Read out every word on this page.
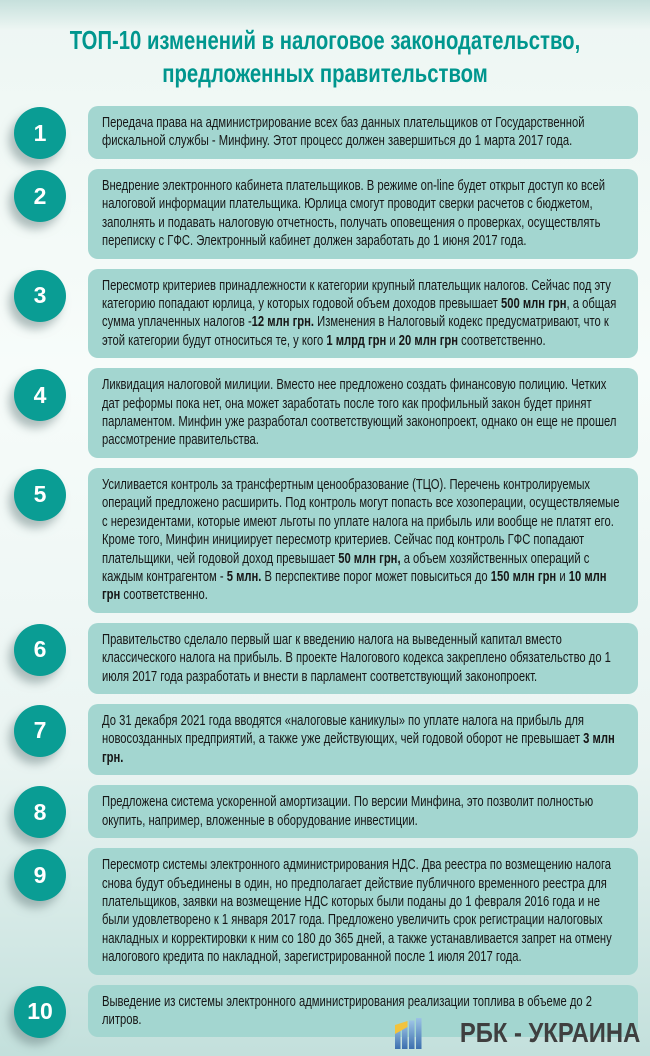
ТОП-10 изменений в налоговое законодательство,
предложенных правительством
1	Передача права на администрирование всех баз данных плательщиков от Государственной фискальной службы - Минфину. Этот процесс должен завершиться до 1 марта 2017 года.
2	Внедрение электронного кабинета плательщиков. В режиме on-line будет открыт доступ ко всей налоговой информации плательщика. Юрлица смогут проводит сверки расчетов с бюджетом, заполнять и подавать налоговую отчетность, получать оповещения о проверках, осуществлять переписку с ГФС. Электронный кабинет должен заработать до 1 июня 2017 года.
3	Пересмотр критериев принадлежности к категории крупный плательщик налогов. Сейчас под эту категорию попадают юрлица, у которых годовой объем доходов превышает 500 млн грн, а общая сумма уплаченных налогов -12 млн грн. Изменения в Налоговый кодекс предусматривают, что к этой категории будут относиться те, у кого 1 млрд грн и 20 млн грн соответственно.
4	Ликвидация налоговой милиции. Вместо нее предложено создать финансовую полицию. Четких дат реформы пока нет, она может заработать после того как профильный закон будет принят парламентом. Минфин уже разработал соответствующий законопроект, однако он еще не прошел рассмотрение правительства.
5	Усиливается контроль за трансфертным ценообразование (ТЦО). Перечень контролируемых операций предложено расширить. Под контроль могут попасть все хозоперации, осуществляемые с нерезидентами, которые имеют льготы по уплате налога на прибыль или вообще не платят его. Кроме того, Минфин инициирует пересмотр критериев. Сейчас под контроль ГФС попадают плательщики, чей годовой доход превышает 50 млн грн, а объем хозяйственных операций с каждым контрагентом - 5 млн. В перспективе порог может повыситься до 150 млн грн и 10 млн грн соответственно.
6	Правительство сделало первый шаг к введению налога на выведенный капитал вместо классического налога на прибыль. В проекте Налогового кодекса закреплено обязательство до 1 июля 2017 года разработать и внести в парламент соответствующий законопроект.
7	До 31 декабря 2021 года вводятся «налоговые каникулы» по уплате налога на прибыль для новосозданных предприятий, а также уже действующих, чей годовой оборот не превышает 3 млн грн.
8	Предложена система ускоренной амортизации. По версии Минфина, это позволит полностью окупить, например, вложенные в оборудование инвестиции.
9	Пересмотр системы электронного администрирования НДС. Два реестра по возмещению налога снова будут объединены в один, но предполагает действие публичного временного реестра для плательщиков, заявки на возмещение НДС которых были поданы до 1 февраля 2016 года и не были удовлетворено к 1 января 2017 года. Предложено увеличить срок регистрации налоговых накладных и корректировки к ним со 180 до 365 дней, а также устанавливается запрет на отмену налогового кредита по накладной, зарегистрированной после 1 июля 2017 года.
10	Выведение из системы электронного администрирования реализации топлива в объеме до 2 литров.	РБК - УКРАИНА
